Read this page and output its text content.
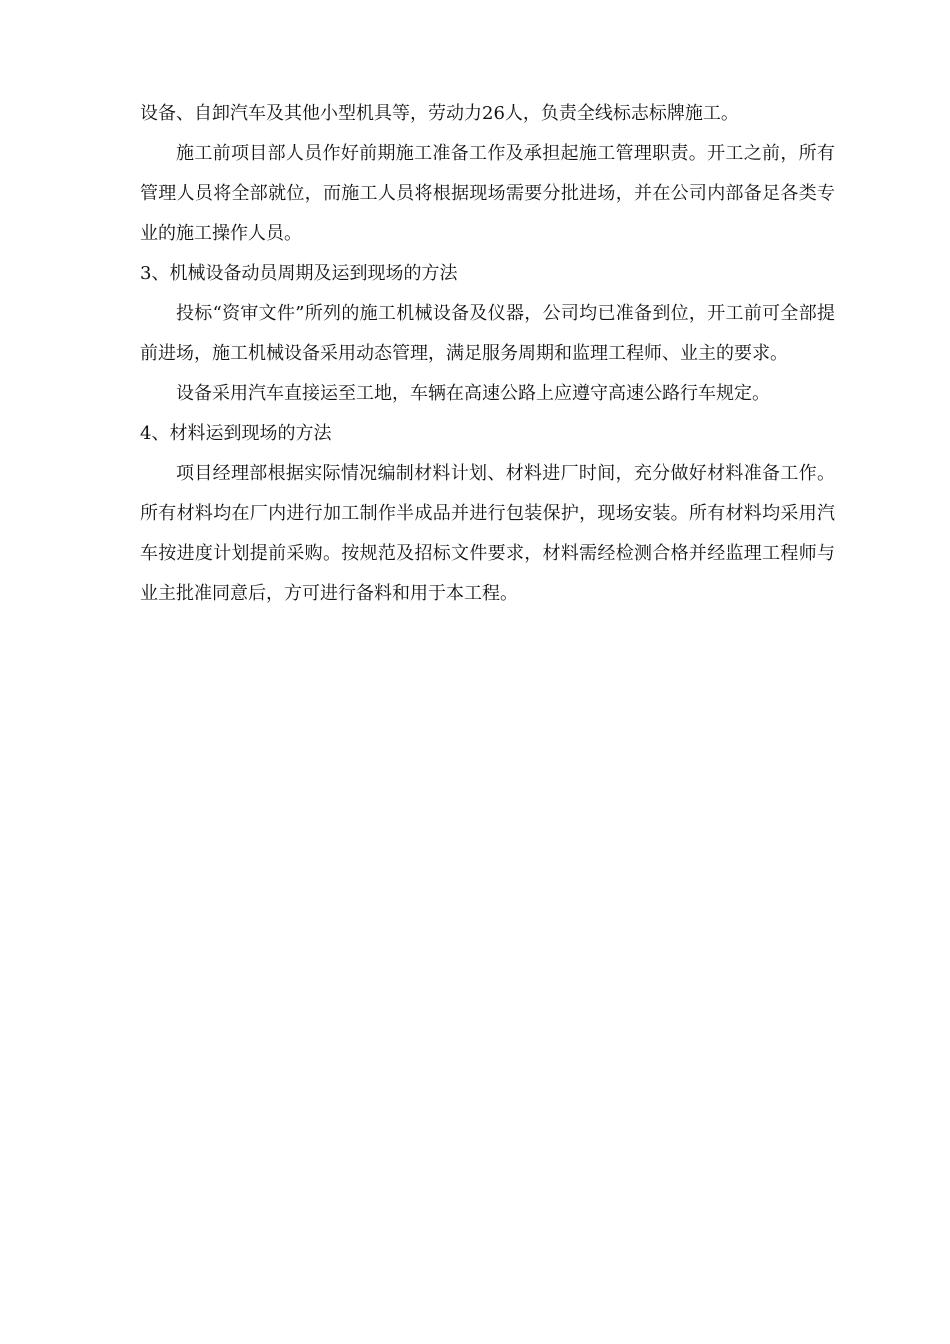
设备、自卸汽车及其他小型机具等，劳动力26人，负责全线标志标牌施工。

施工前项目部人员作好前期施工准备工作及承担起施工管理职责。开工之前，所有管理人员将全部就位，而施工人员将根据现场需要分批进场，并在公司内部备足各类专业的施工操作人员。

3、机械设备动员周期及运到现场的方法

投标“资审文件”所列的施工机械设备及仪器，公司均已准备到位，开工前可全部提前进场，施工机械设备采用动态管理，满足服务周期和监理工程师、业主的要求。

设备采用汽车直接运至工地，车辆在高速公路上应遵守高速公路行车规定。

4、材料运到现场的方法

项目经理部根据实际情况编制材料计划、材料进厂时间，充分做好材料准备工作。所有材料均在厂内进行加工制作半成品并进行包装保护，现场安装。所有材料均采用汽车按进度计划提前采购。按规范及招标文件要求，材料需经检测合格并经监理工程师与业主批准同意后，方可进行备料和用于本工程。
